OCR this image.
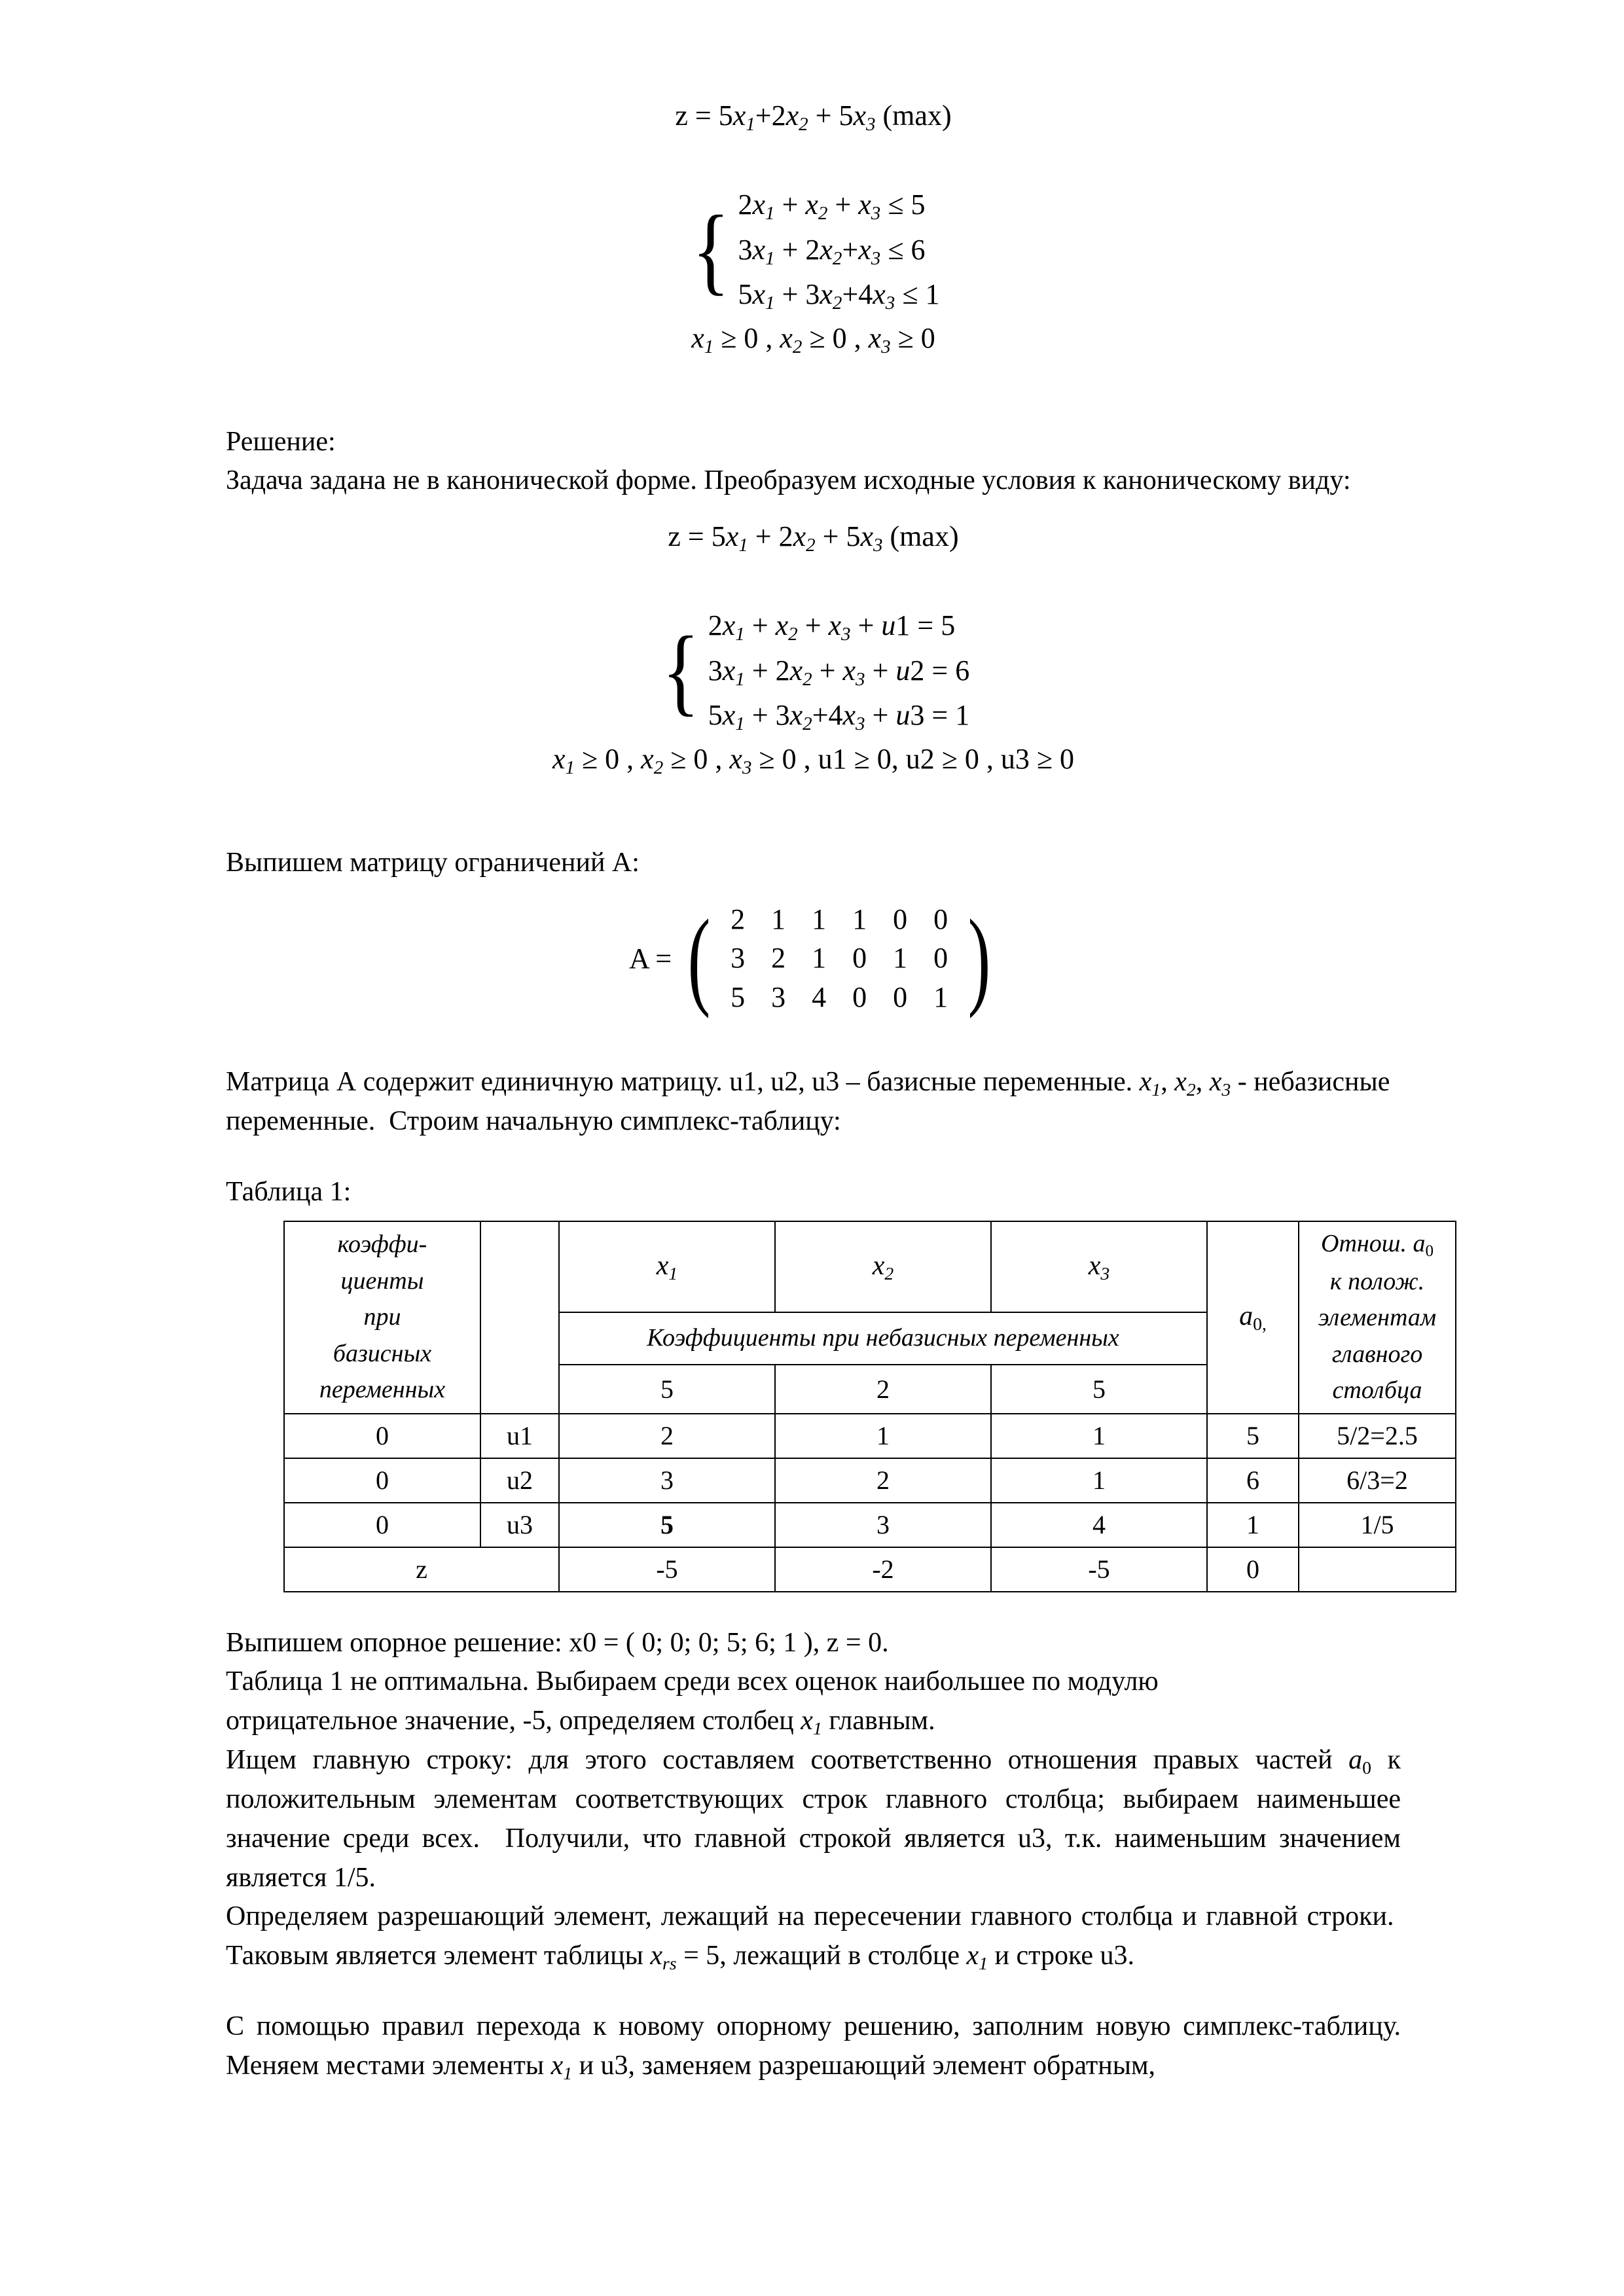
$z = 5x_1+2x_2 + 5x_3$ (max)
{ $2x_1 + x_2 + x_3 \le 5$
$3x_1 + 2x_2+x_3 \le 6$
$5x_1 + 3x_2+4x_3 \le 1$
$x_1 \ge 0$ , $x_2 \ge 0$ , $x_3 \ge 0$

Решение:

Задача задана не в канонической форме. Преобразуем исходные условия к каноническому виду:

$z = 5x_1 + 2x_2 + 5x_3$ (max)
{ $2x_1 + x_2 + x_3 + u1 = 5$
$3x_1 + 2x_2 + x_3 + u2 = 6$
$5x_1 + 3x_2+4x_3 + u3 = 1$
$x_1 \ge 0$ , $x_2 \ge 0$ , $x_3 \ge 0$ , u1 ≥ 0, u2 ≥ 0 , u3 ≥ 0

Выпишем матрицу ограничений A:

A = ( 2	1	1	1	0	0
3	2	1	0	1	0
5	3	4	0	0	1 )

Матрица А содержит единичную матрицу. u1, u2, u3 – базисные переменные. $x_1$, $x_2$, $x_3$ - небазисные переменные.  Строим начальную симплекс-таблицу:

Таблица 1:

коэффи-
циенты
при
базисных
переменных		$x_1$	$x_2$	$x_3$	$a_{0,}$	Отнош. $a_0$
к полож.
элементам
главного
столбца
		Коэффициенты при небазисных переменных				
		5	2	5		
0	u1	2	1	1	5	5/2=2.5
0	u2	3	2	1	6	6/3=2
0	u3	5	3	4	1	1/5
z		-5	-2	-5	0	

Выпишем опорное решение: x0 = ( 0; 0; 0; 5; 6; 1 ), z = 0.

Таблица 1 не оптимальна. Выбираем среди всех оценок наибольшее по модулю

отрицательное значение, -5, определяем столбец $x_1$ главным.

Ищем главную строку: для этого составляем соответственно отношения правых частей $a_0$ к положительным элементам соответствующих строк главного столбца; выбираем наименьшее значение среди всех.  Получили, что главной строкой является u3, т.к. наименьшим значением является 1/5.

Определяем разрешающий элемент, лежащий на пересечении главного столбца и главной строки.  Таковым является элемент таблицы $x_{rs} = 5$, лежащий в столбце $x_1$ и строке u3.

С помощью правил перехода к новому опорному решению, заполним новую симплекс-таблицу. Меняем местами элементы $x_1$ и u3, заменяем разрешающий элемент обратным,
